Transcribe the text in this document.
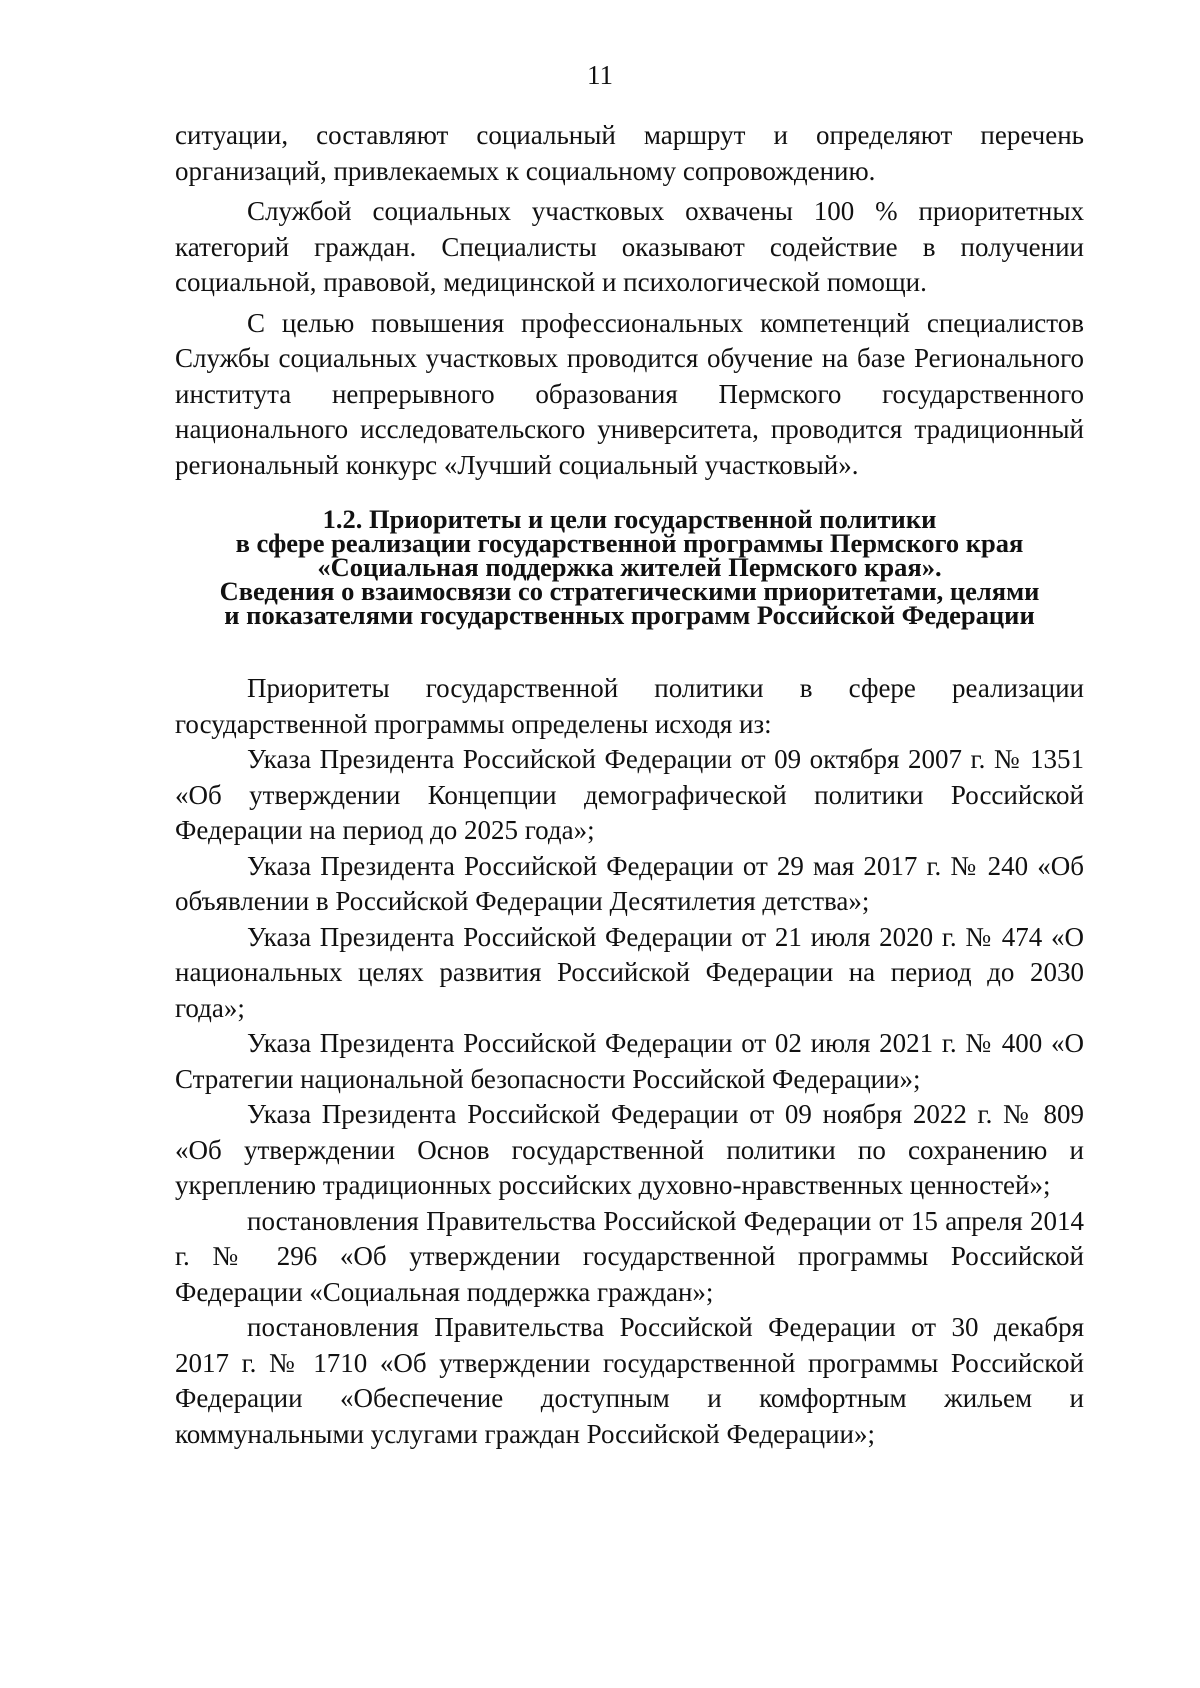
11

ситуации, составляют социальный маршрут и определяют перечень организаций, привлекаемых к социальному сопровождению.

Службой социальных участковых охвачены 100 % приоритетных категорий граждан. Специалисты оказывают содействие в получении социальной, правовой, медицинской и психологической помощи.

С целью повышения профессиональных компетенций специалистов Службы социальных участковых проводится обучение на базе Регионального института непрерывного образования Пермского государственного национального исследовательского университета, проводится традиционный региональный конкурс «Лучший социальный участковый».

1.2. Приоритеты и цели государственной политики
в сфере реализации государственной программы Пермского края
«Социальная поддержка жителей Пермского края».
Сведения о взаимосвязи со стратегическими приоритетами, целями
и показателями государственных программ Российской Федерации

Приоритеты государственной политики в сфере реализации государственной программы определены исходя из:

Указа Президента Российской Федерации от 09 октября 2007 г. № 1351 «Об утверждении Концепции демографической политики Российской Федерации на период до 2025 года»;

Указа Президента Российской Федерации от 29 мая 2017 г. № 240 «Об объявлении в Российской Федерации Десятилетия детства»;

Указа Президента Российской Федерации от 21 июля 2020 г. № 474 «О национальных целях развития Российской Федерации на период до 2030 года»;

Указа Президента Российской Федерации от 02 июля 2021 г. № 400 «О Стратегии национальной безопасности Российской Федерации»;

Указа Президента Российской Федерации от 09 ноября 2022 г. № 809 «Об утверждении Основ государственной политики по сохранению и укреплению традиционных российских духовно-нравственных ценностей»;

постановления Правительства Российской Федерации от 15 апреля 2014 г. № 296 «Об утверждении государственной программы Российской Федерации «Социальная поддержка граждан»;

постановления Правительства Российской Федерации от 30 декабря 2017 г. № 1710 «Об утверждении государственной программы Российской Федерации «Обеспечение доступным и комфортным жильем и коммунальными услугами граждан Российской Федерации»;
